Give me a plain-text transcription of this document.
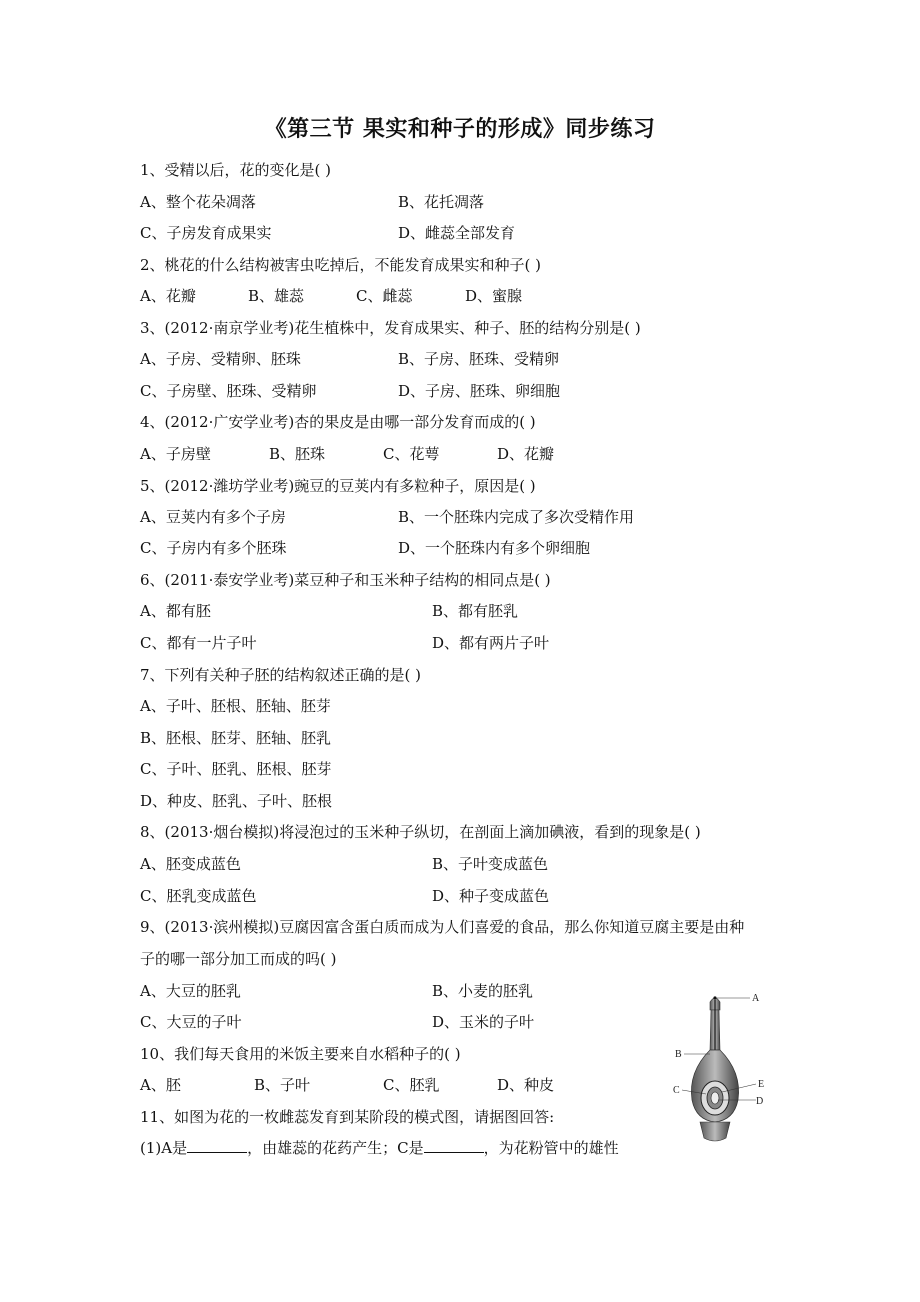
《第三节 果实和种子的形成》同步练习
1、受精以后，花的变化是( )
A、整个花朵凋落	B、花托凋落
C、子房发育成果实	D、雌蕊全部发育
2、桃花的什么结构被害虫吃掉后，不能发育成果实和种子( )
A、花瓣	B、雄蕊	C、雌蕊	D、蜜腺
3、(2012·南京学业考)花生植株中，发育成果实、种子、胚的结构分别是( )
A、子房、受精卵、胚珠	B、子房、胚珠、受精卵
C、子房壁、胚珠、受精卵	D、子房、胚珠、卵细胞
4、(2012·广安学业考)杏的果皮是由哪一部分发育而成的( )
A、子房壁	B、胚珠	C、花萼	D、花瓣
5、(2012·潍坊学业考)豌豆的豆荚内有多粒种子，原因是( )
A、豆荚内有多个子房	B、一个胚珠内完成了多次受精作用
C、子房内有多个胚珠	D、一个胚珠内有多个卵细胞
6、(2011·泰安学业考)菜豆种子和玉米种子结构的相同点是( )
A、都有胚	B、都有胚乳
C、都有一片子叶	D、都有两片子叶
7、下列有关种子胚的结构叙述正确的是( )
A、子叶、胚根、胚轴、胚芽
B、胚根、胚芽、胚轴、胚乳
C、子叶、胚乳、胚根、胚芽
D、种皮、胚乳、子叶、胚根
8、(2013·烟台模拟)将浸泡过的玉米种子纵切，在剖面上滴加碘液，看到的现象是( )
A、胚变成蓝色	B、子叶变成蓝色
C、胚乳变成蓝色	D、种子变成蓝色
9、(2013·滨州模拟)豆腐因富含蛋白质而成为人们喜爱的食品，那么你知道豆腐主要是由种
子的哪一部分加工而成的吗( )
A、大豆的胚乳	B、小麦的胚乳
C、大豆的子叶	D、玉米的子叶
10、我们每天食用的米饭主要来自水稻种子的( )
A、胚	B、子叶	C、胚乳	D、种皮
11、如图为花的一枚雌蕊发育到某阶段的模式图，请据图回答:
(1)A是	，由雄蕊的花药产生；C是	，为花粉管中的雄性
A
B
C
E
D
